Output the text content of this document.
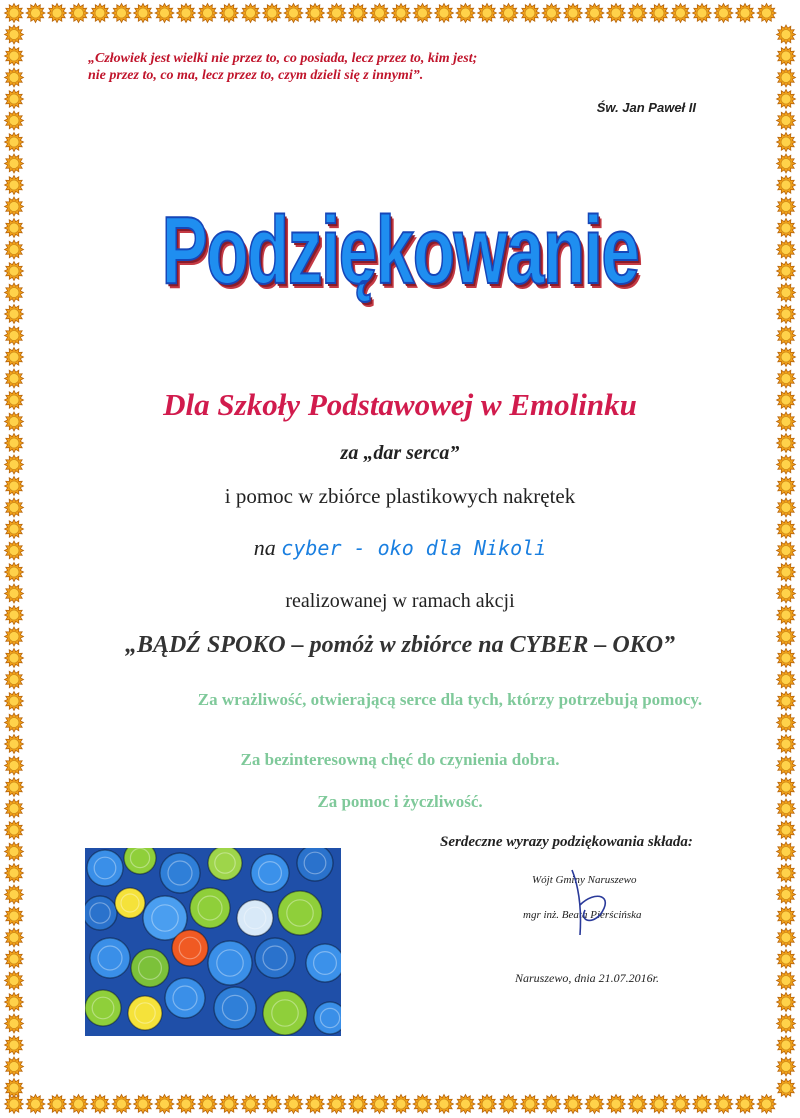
„Człowiek jest wielki nie przez to, co posiada, lecz przez to, kim jest;
nie przez to, co ma, lecz przez to, czym dzieli się z innymi”.
Św. Jan Paweł II
Podziękowanie
Dla Szkoły Podstawowej w Emolinku
za „dar serca”
i pomoc w zbiórce plastikowych nakrętek
na cyber - oko dla Nikoli
realizowanej w ramach akcji
„BĄDŹ SPOKO – pomóż w zbiórce na CYBER – OKO”
Za wrażliwość, otwierającą serce dla tych, którzy potrzebują pomocy.
Za bezinteresowną chęć do czynienia dobra.
Za pomoc i życzliwość.
Serdeczne wyrazy podziękowania składa:
Wójt Gminy Naruszewo
mgr inż. Beata Pierścińska
Naruszewo, dnia 21.07.2016r.
